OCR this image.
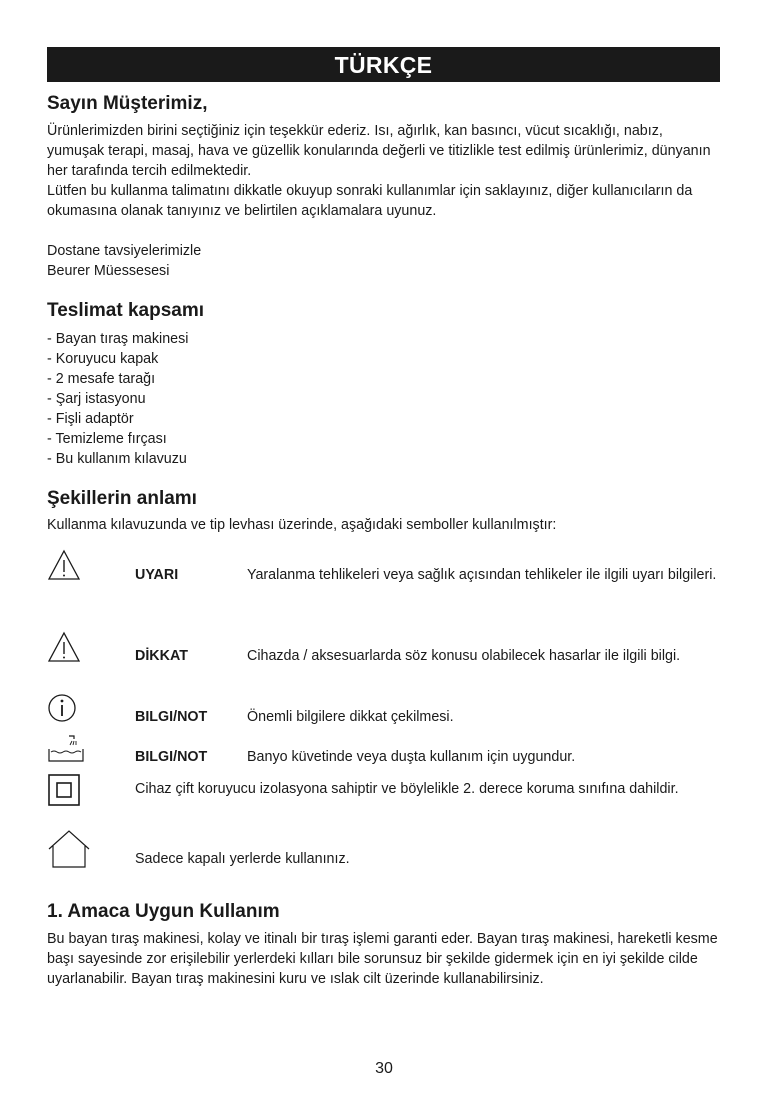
TÜRKÇE
Sayın Müşterimiz,

Ürünlerimizden birini seçtiğiniz için teşekkür ederiz. Isı, ağırlık, kan basıncı, vücut sıcaklığı, nabız, yumuşak terapi, masaj, hava ve güzellik konularında değerli ve titizlikle test edilmiş ürünlerimiz, dünyanın her tarafında tercih edilmektedir.

Lütfen bu kullanma talimatını dikkatle okuyup sonraki kullanımlar için saklayınız, diğer kullanıcıların da okumasına olanak tanıyınız ve belirtilen açıklamalara uyunuz.

Dostane tavsiyelerimizle

Beurer Müessesesi

Teslimat kapsamı
- Bayan tıraş makinesi
- Koruyucu kapak
- 2 mesafe tarağı
- Şarj istasyonu
- Fişli adaptör
- Temizleme fırçası
- Bu kullanım kılavuzu
Şekillerin anlamı

Kullanma kılavuzunda ve tip levhası üzerinde, aşağıdaki semboller kullanılmıştır:

UYARI	Yaralanma tehlikeleri veya sağlık açısından tehlikeler ile ilgili uyarı bilgileri.
DİKKAT	Cihazda / aksesuarlarda söz konusu olabilecek hasarlar ile ilgili bilgi.
BILGI/NOT	Önemli bilgilere dikkat çekilmesi.
BILGI/NOT	Banyo küvetinde veya duşta kullanım için uygundur.
Cihaz çift koruyucu izolasyona sahiptir ve böylelikle 2. derece koruma sınıfına dahildir.
Sadece kapalı yerlerde kullanınız.
1. Amaca Uygun Kullanım

Bu bayan tıraş makinesi, kolay ve itinalı bir tıraş işlemi garanti eder. Bayan tıraş makinesi, hareketli kesme başı sayesinde zor erişilebilir yerlerdeki kılları bile sorunsuz bir şekilde gidermek için en iyi şekilde cilde uyarlanabilir. Bayan tıraş makinesini kuru ve ıslak cilt üzerinde kullanabilirsiniz.

30
